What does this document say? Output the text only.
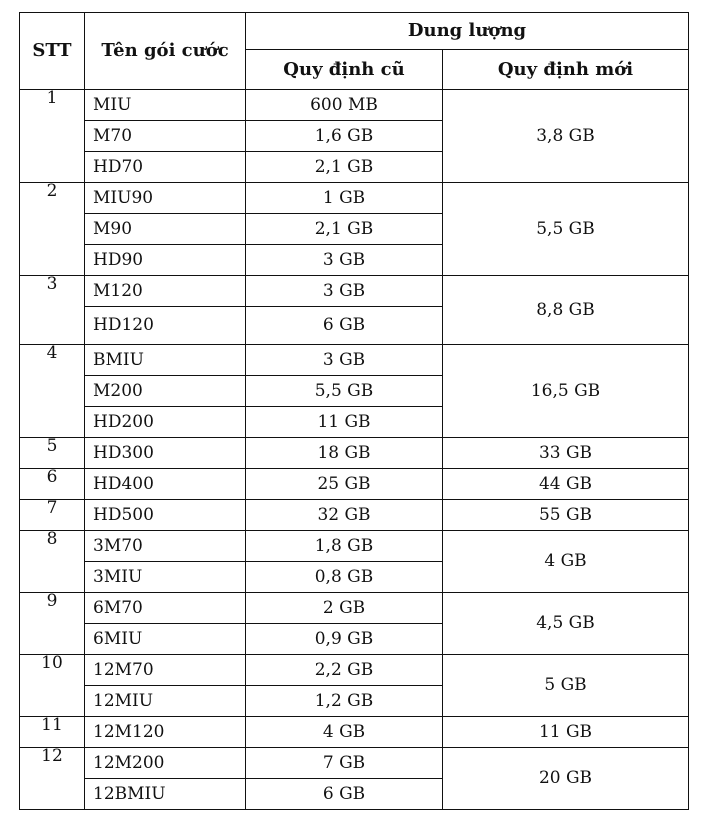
STT	Tên gói cước	Dung lượng	
		Quy định cũ	Quy định mới
1	MIU	600 MB	3,8 GB
	M70	1,6 GB	
	HD70	2,1 GB	
2	MIU90	1 GB	5,5 GB
	M90	2,1 GB	
	HD90	3 GB	
3	M120	3 GB	8,8 GB
	HD120	6 GB	
4	BMIU	3 GB	16,5 GB
	M200	5,5 GB	
	HD200	11 GB	
5	HD300	18 GB	33 GB
6	HD400	25 GB	44 GB
7	HD500	32 GB	55 GB
8	3M70	1,8 GB	4 GB
	3MIU	0,8 GB	
9	6M70	2 GB	4,5 GB
	6MIU	0,9 GB	
10	12M70	2,2 GB	5 GB
	12MIU	1,2 GB	
11	12M120	4 GB	11 GB
12	12M200	7 GB	20 GB
	12BMIU	6 GB	
